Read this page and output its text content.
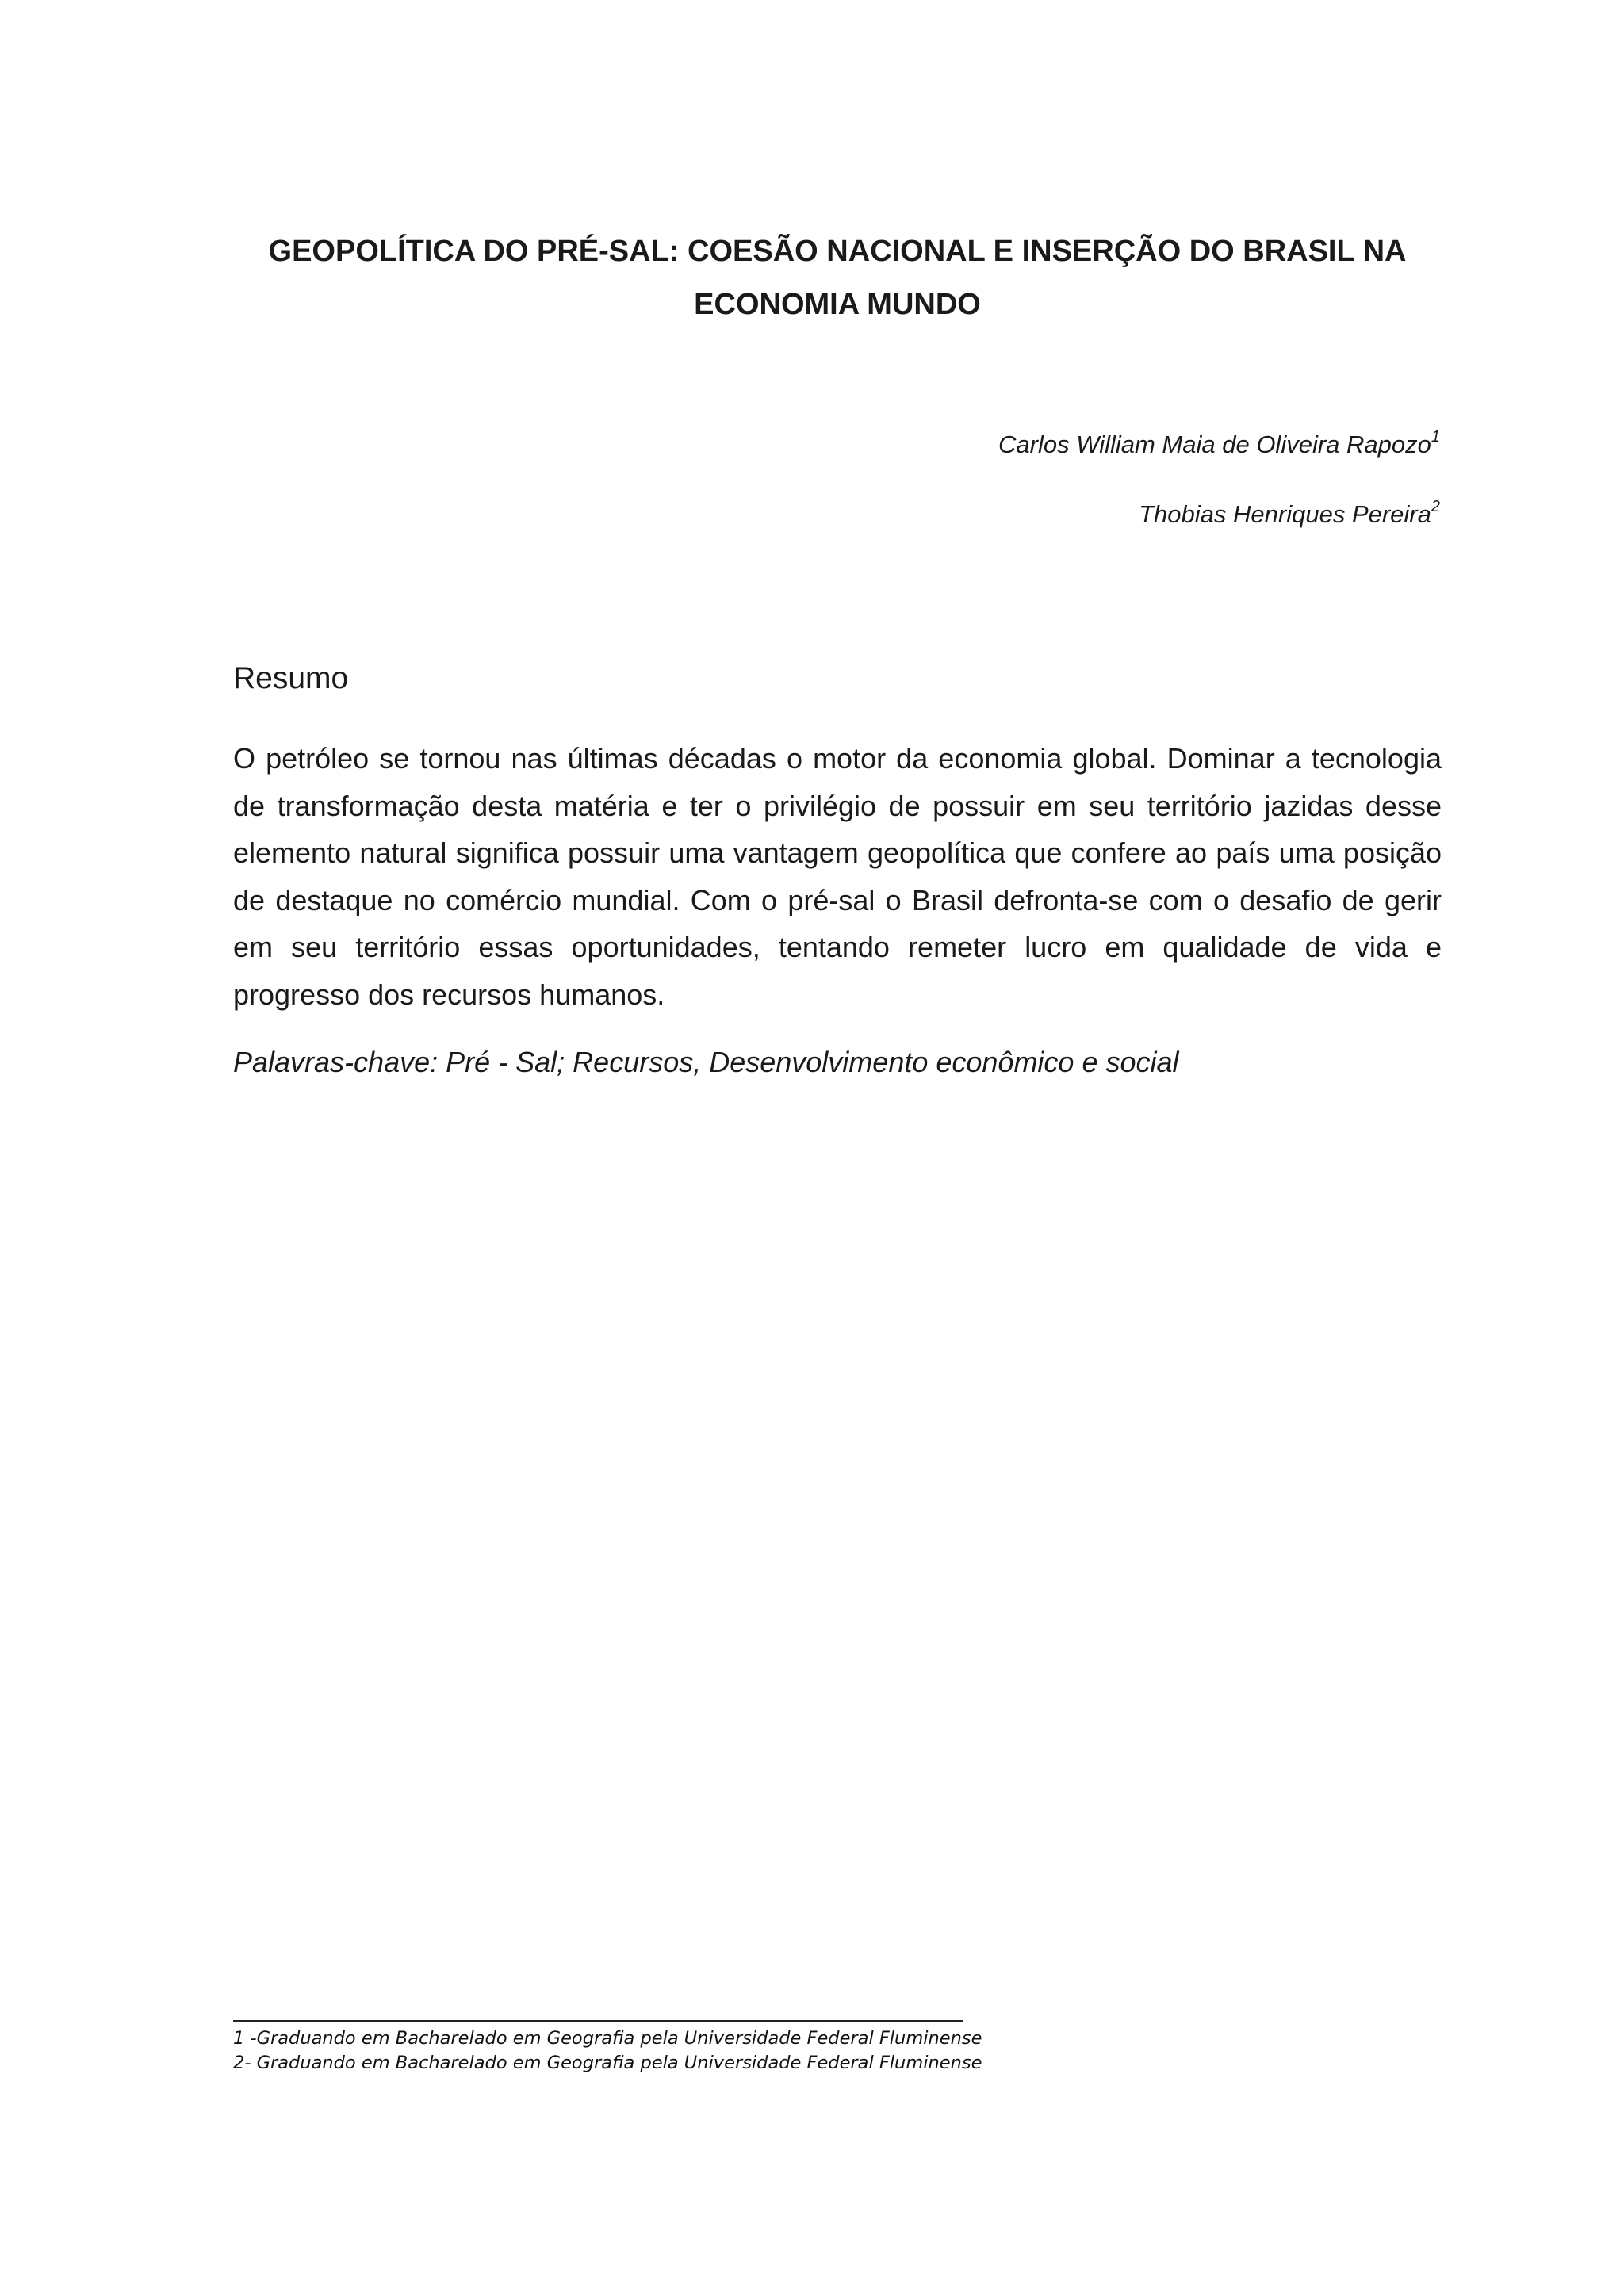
GEOPOLÍTICA DO PRÉ-SAL: COESÃO NACIONAL E INSERÇÃO DO BRASIL NA
ECONOMIA MUNDO
Carlos William Maia de Oliveira Rapozo$^1$
Thobias Henriques Pereira$^2$
Resumo

O petróleo se tornou nas últimas décadas o motor da economia global. Dominar a tecnologia de transformação desta matéria e ter o privilégio de possuir em seu território jazidas desse elemento natural significa possuir uma vantagem geopolítica que confere ao país uma posição de destaque no comércio mundial. Com o pré-sal o Brasil defronta-se com o desafio de gerir em seu território essas oportunidades, tentando remeter lucro em qualidade de vida e progresso dos recursos humanos.

Palavras-chave: Pré - Sal; Recursos, Desenvolvimento econômico e social

1 -Graduando em Bacharelado em Geografia pela Universidade Federal Fluminense
2- Graduando em Bacharelado em Geografia pela Universidade Federal Fluminense
